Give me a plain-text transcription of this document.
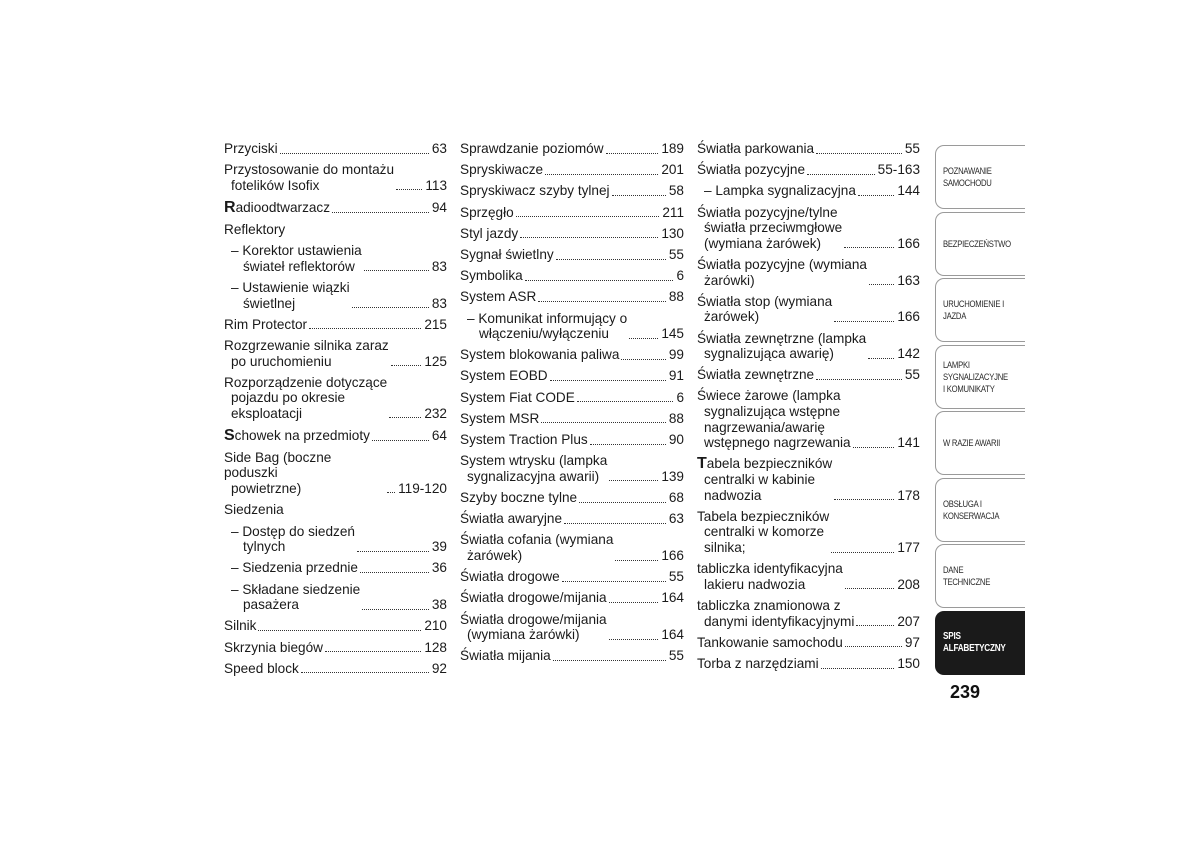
Przyciski	63
Przystosowanie do montażu
fotelików Isofix	113
Radioodtwarzacz	94
Reflektory
– Korektor ustawienia
świateł reflektorów	83
– Ustawienie wiązki
świetlnej	83
Rim Protector	215
Rozgrzewanie silnika zaraz
po uruchomieniu	125
Rozporządzenie dotyczące
pojazdu po okresie
eksploatacji	232
Schowek na przedmioty	64
Side Bag (boczne poduszki
powietrzne)	119-120
Siedzenia
– Dostęp do siedzeń
tylnych	39
– Siedzenia przednie	36
– Składane siedzenie
pasażera	38
Silnik	210
Skrzynia biegów	128
Speed block	92
Sprawdzanie poziomów	189
Spryskiwacze	201
Spryskiwacz szyby tylnej	58
Sprzęgło	211
Styl jazdy	130
Sygnał świetlny	55
Symbolika	6
System ASR	88
– Komunikat informujący o
włączeniu/wyłączeniu	145
System blokowania paliwa	99
System EOBD	91
System Fiat CODE	6
System MSR	88
System Traction Plus	90
System wtrysku (lampka
sygnalizacyjna awarii)	139
Szyby boczne tylne	68
Światła awaryjne	63
Światła cofania (wymiana
żarówek)	166
Światła drogowe	55
Światła drogowe/mijania	164
Światła drogowe/mijania
(wymiana żarówki)	164
Światła mijania	55
Światła parkowania	55
Światła pozycyjne	55-163
– Lampka sygnalizacyjna	144
Światła pozycyjne/tylne
światła przeciwmgłowe
(wymiana żarówek)	166
Światła pozycyjne (wymiana
żarówki)	163
Światła stop (wymiana
żarówek)	166
Światła zewnętrzne (lampka
sygnalizująca awarię)	142
Światła zewnętrzne	55
Świece żarowe (lampka
sygnalizująca wstępne
nagrzewania/awarię
wstępnego nagrzewania	141
Tabela bezpieczników
centralki w kabinie
nadwozia	178
Tabela bezpieczników
centralki w komorze
silnika;	177
tabliczka identyfikacyjna
lakieru nadwozia	208
tabliczka znamionowa z
danymi identyfikacyjnymi	207
Tankowanie samochodu	97
Torba z narzędziami	150
POZNAWANIE SAMOCHODU
BEZPIECZEŃSTWO
URUCHOMIENIE I JAZDA
LAMPKI SYGNALIZACYJNE I KOMUNIKATY
W RAZIE AWARII
OBSŁUGA I KONSERWACJA
DANE TECHNICZNE
SPIS ALFABETYCZNY
239
